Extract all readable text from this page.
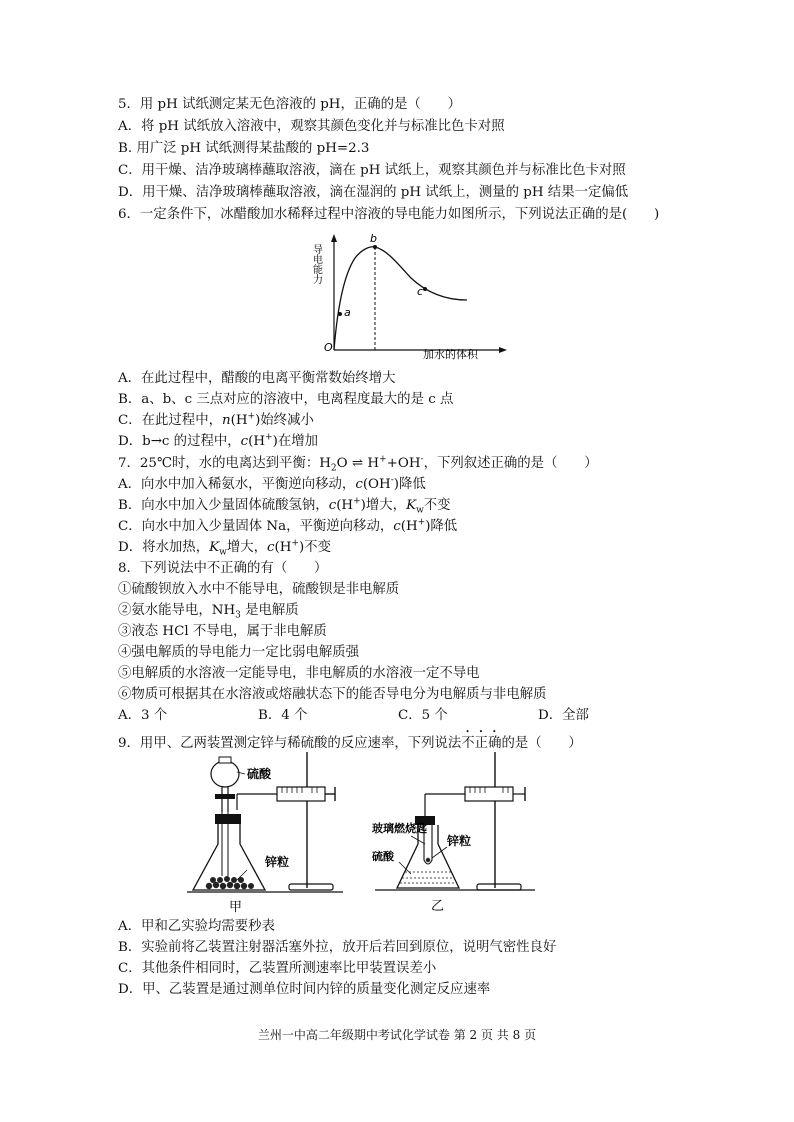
5．用 pH 试纸测定某无色溶液的 pH，正确的是（　　）
A．将 pH 试纸放入溶液中，观察其颜色变化并与标准比色卡对照
B. 用广泛 pH 试纸测得某盐酸的 pH=2.3
C．用干燥、洁净玻璃棒蘸取溶液，滴在 pH 试纸上，观察其颜色并与标准比色卡对照
D．用干燥、洁净玻璃棒蘸取溶液，滴在湿润的 pH 试纸上，测量的 pH 结果一定偏低
6．一定条件下，冰醋酸加水稀释过程中溶液的导电能力如图所示，下列说法正确的是(　　)
a
b
c
O
加水的体积
导电能力
A．在此过程中，醋酸的电离平衡常数始终增大
B．a、b、c 三点对应的溶液中，电离程度最大的是 c 点
C．在此过程中，n(H+)始终减小
D．b→c 的过程中，c(H+)在增加
7．25℃时，水的电离达到平衡：$H_2O$ ⇌ H++OH-，下列叙述正确的是（　　）
A．向水中加入稀氨水，平衡逆向移动，c(OH-)降低
B．向水中加入少量固体硫酸氢钠，c(H+)增大，$K_w$不变
C．向水中加入少量固体 Na，平衡逆向移动，c(H+)降低
D．将水加热，$K_w$增大，c(H+)不变
8．下列说法中不正确的有（　　）
①硫酸钡放入水中不能导电，硫酸钡是非电解质
②氨水能导电，$NH_3$ 是电解质
③液态 HCl 不导电，属于非电解质
④强电解质的导电能力一定比弱电解质强
⑤电解质的水溶液一定能导电，非电解质的水溶液一定不导电
⑥物质可根据其在水溶液或熔融状态下的能否导电分为电解质与非电解质
A．3 个	B．4 个	C．5 个	D．全部
9．用甲、乙两装置测定锌与稀硫酸的反应速率，下列说法不正确的是（　　）
硫酸
锌粒
甲
玻璃燃烧匙
硫酸
锌粒
乙
A．甲和乙实验均需要秒表
B．实验前将乙装置注射器活塞外拉，放开后若回到原位，说明气密性良好
C．其他条件相同时，乙装置所测速率比甲装置误差小
D．甲、乙装置是通过测单位时间内锌的质量变化测定反应速率
兰州一中高二年级期中考试化学试卷 第 2 页 共 8 页
